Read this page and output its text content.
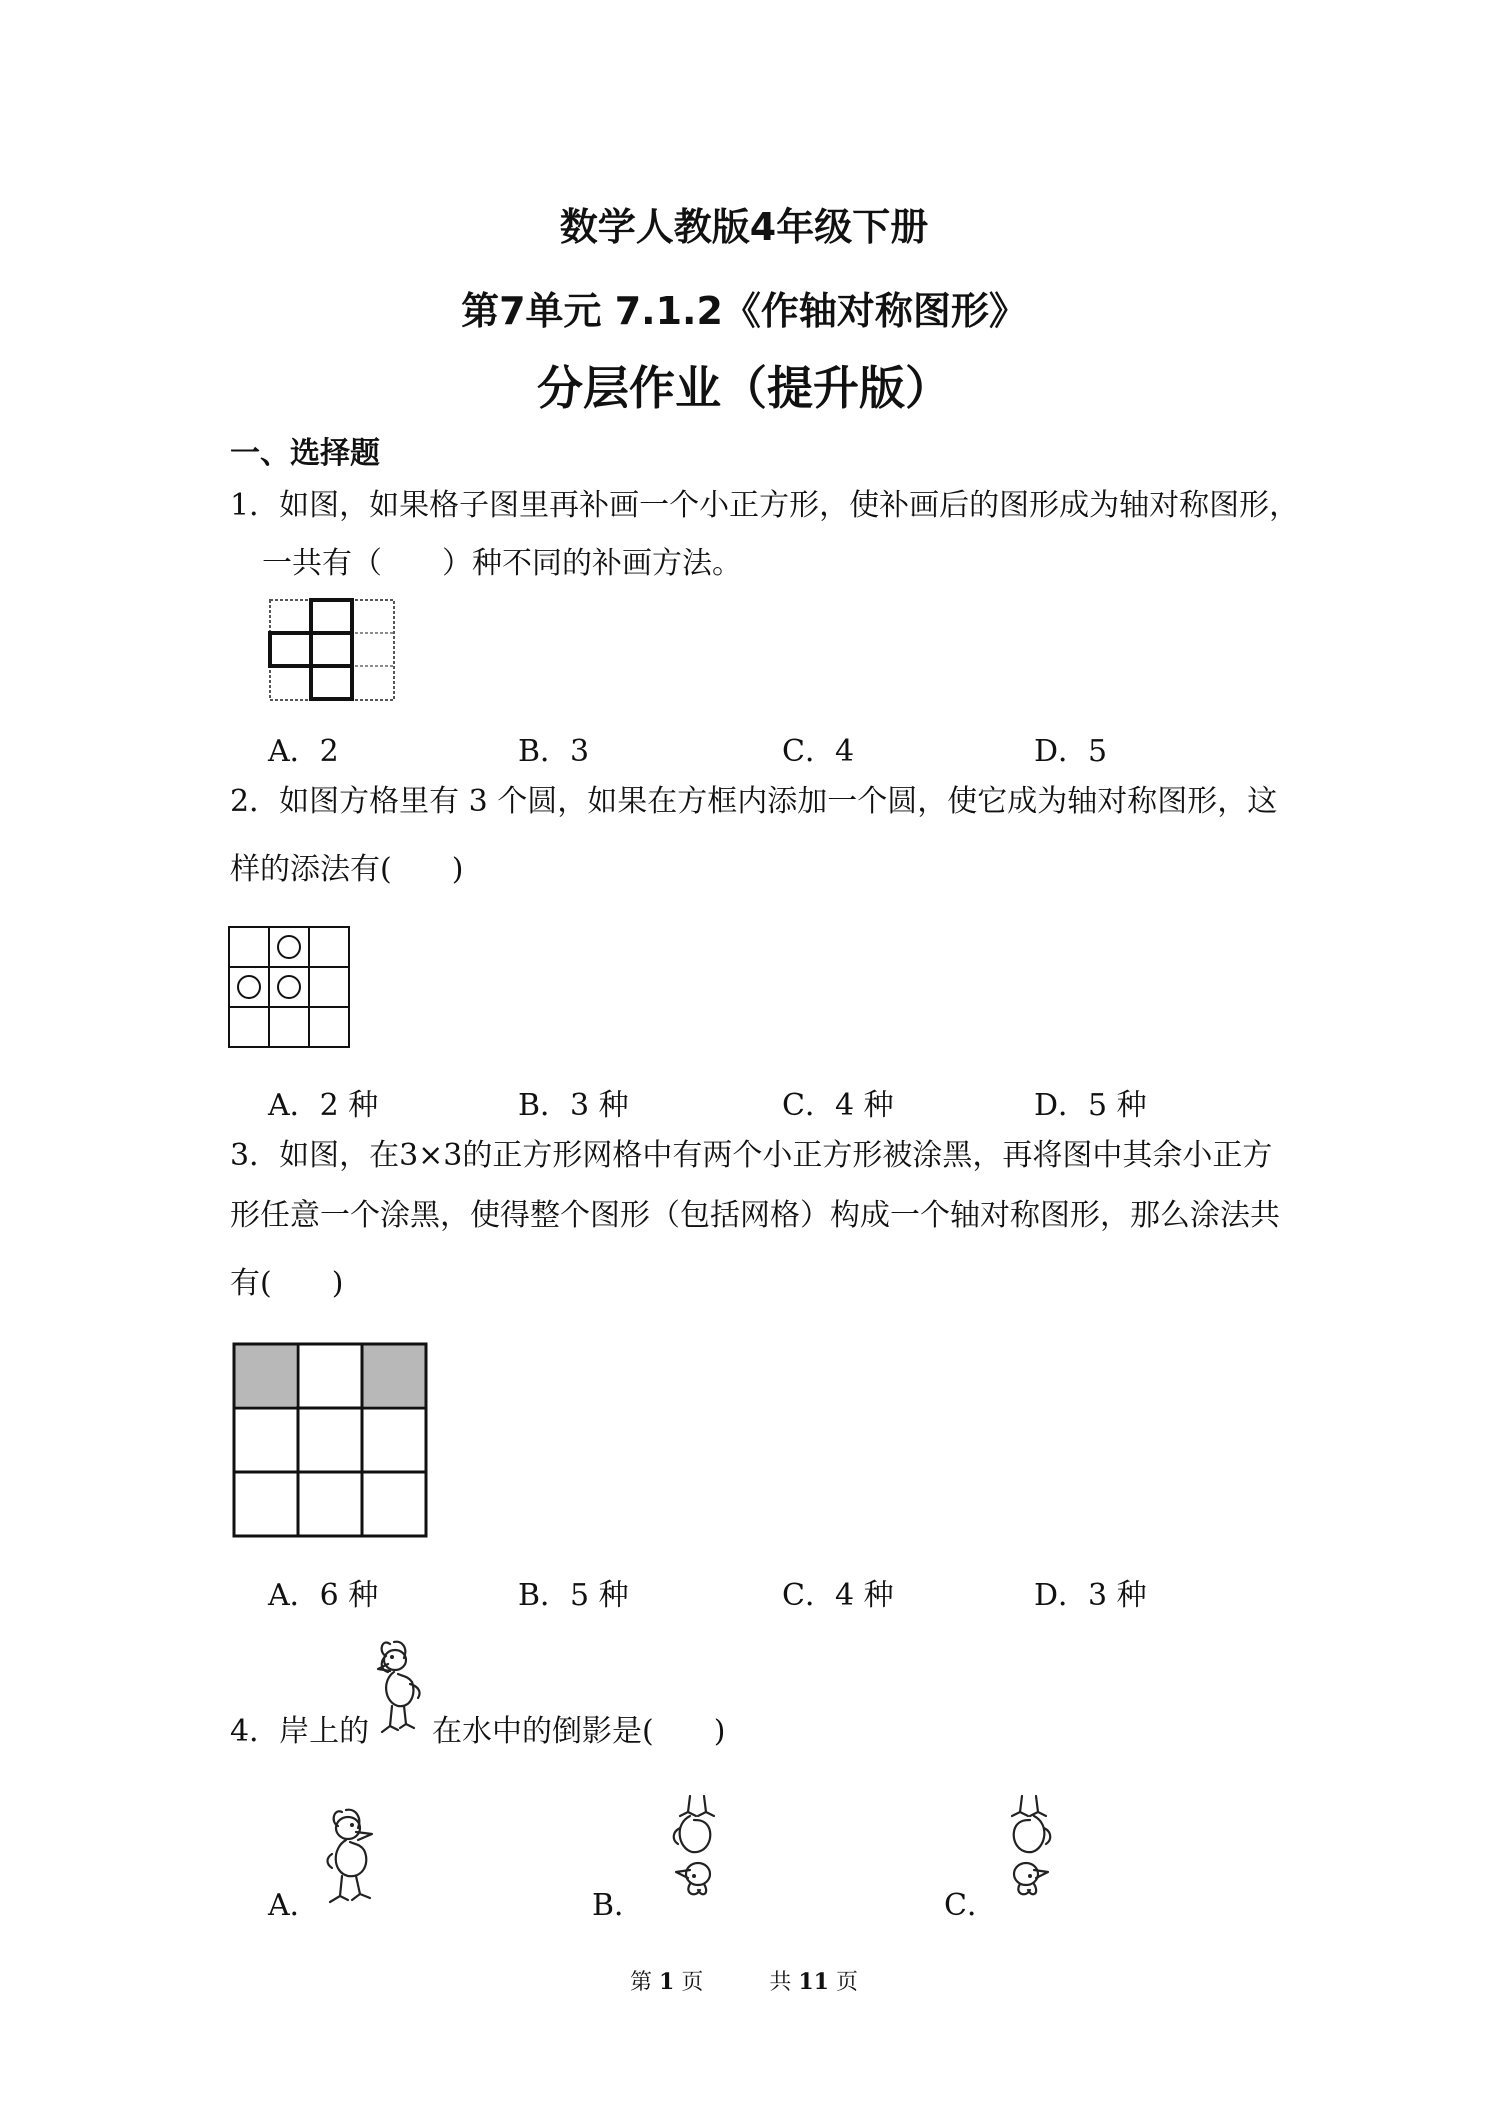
数学人教版4年级下册
第7单元 7.1.2《作轴对称图形》
分层作业（提升版）
一、选择题
1．如图，如果格子图里再补画一个小正方形，使补画后的图形成为轴对称图形，
一共有（　　）种不同的补画方法。
A．2	B．3	C．4	D．5
2．如图方格里有 3 个圆，如果在方框内添加一个圆，使它成为轴对称图形，这
样的添法有(　　)
A．2 种	B．3 种	C．4 种	D．5 种
3．如图，在3×3的正方形网格中有两个小正方形被涂黑，再将图中其余小正方
形任意一个涂黑，使得整个图形（包括网格）构成一个轴对称图形，那么涂法共
有(　　)
A．6 种	B．5 种	C．4 种	D．3 种
4．岸上的 在水中的倒影是(　　)
A．	B．	C．
第 1 页　　　共 11 页
